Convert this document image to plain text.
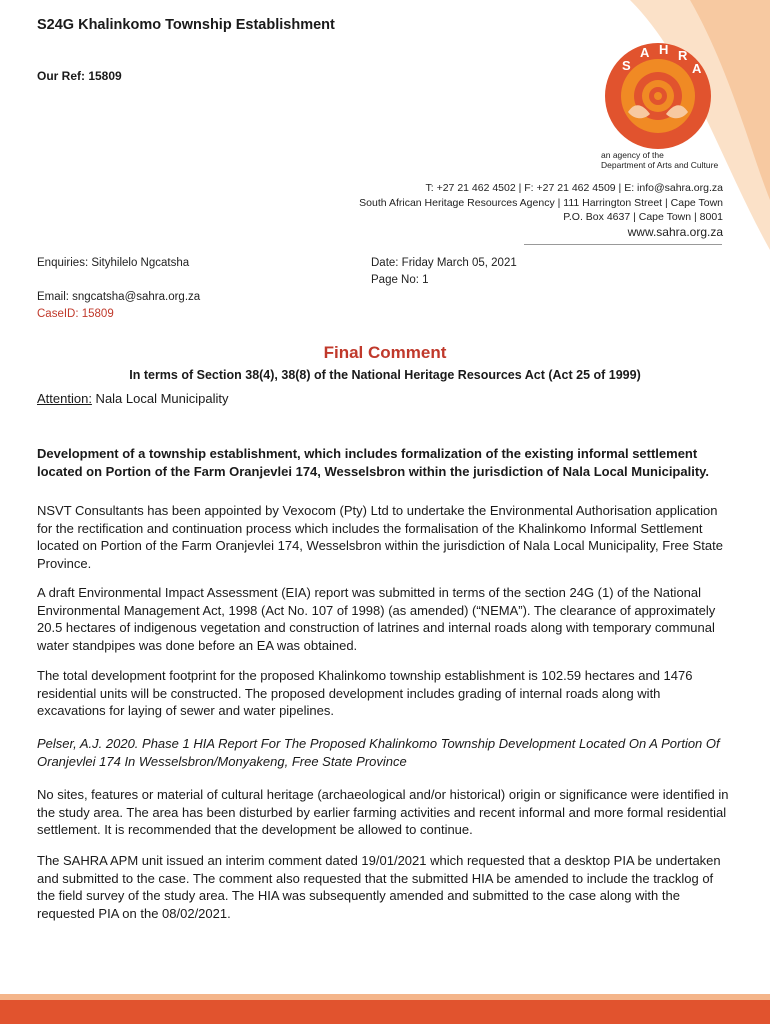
S24G Khalinkomo Township Establishment
Our Ref: 15809
S
A H R
A
an agency of the
Department of Arts and Culture
T: +27 21 462 4502 | F: +27 21 462 4509 | E: info@sahra.org.za
South African Heritage Resources Agency | 111 Harrington Street | Cape Town
P.O. Box 4637 | Cape Town | 8001
www.sahra.org.za
Enquiries: Sityhilelo Ngcatsha	Date: Friday March 05, 2021
Page No: 1
Email: sngcatsha@sahra.org.za
CaseID: 15809
Final Comment
In terms of Section 38(4), 38(8) of the National Heritage Resources Act (Act 25 of 1999)
Attention: Nala Local Municipality

Development of a township establishment, which includes formalization of the existing informal settlement located on Portion of the Farm Oranjevlei 174, Wesselsbron within the jurisdiction of Nala Local Municipality.

NSVT Consultants has been appointed by Vexocom (Pty) Ltd to undertake the Environmental Authorisation application for the rectification and continuation process which includes the formalisation of the Khalinkomo Informal Settlement located on Portion of the Farm Oranjevlei 174, Wesselsbron within the jurisdiction of Nala Local Municipality, Free State Province.

A draft Environmental Impact Assessment (EIA) report was submitted in terms of the section 24G (1) of the National Environmental Management Act, 1998 (Act No. 107 of 1998) (as amended) (“NEMA”). The clearance of approximately 20.5 hectares of indigenous vegetation and construction of latrines and internal roads along with temporary communal water standpipes was done before an EA was obtained.

The total development footprint for the proposed Khalinkomo township establishment is 102.59 hectares and 1476 residential units will be constructed. The proposed development includes grading of internal roads along with excavations for laying of sewer and water pipelines.

Pelser, A.J. 2020. Phase 1 HIA Report For The Proposed Khalinkomo Township Development Located On A Portion Of Oranjevlei 174 In Wesselsbron/Monyakeng, Free State Province

No sites, features or material of cultural heritage (archaeological and/or historical) origin or significance were identified in the study area. The area has been disturbed by earlier farming activities and recent informal and more formal residential settlement. It is recommended that the development be allowed to continue.

The SAHRA APM unit issued an interim comment dated 19/01/2021 which requested that a desktop PIA be undertaken and submitted to the case. The comment also requested that the submitted HIA be amended to include the tracklog of the field survey of the study area. The HIA was subsequently amended and submitted to the case along with the requested PIA on the 08/02/2021.
